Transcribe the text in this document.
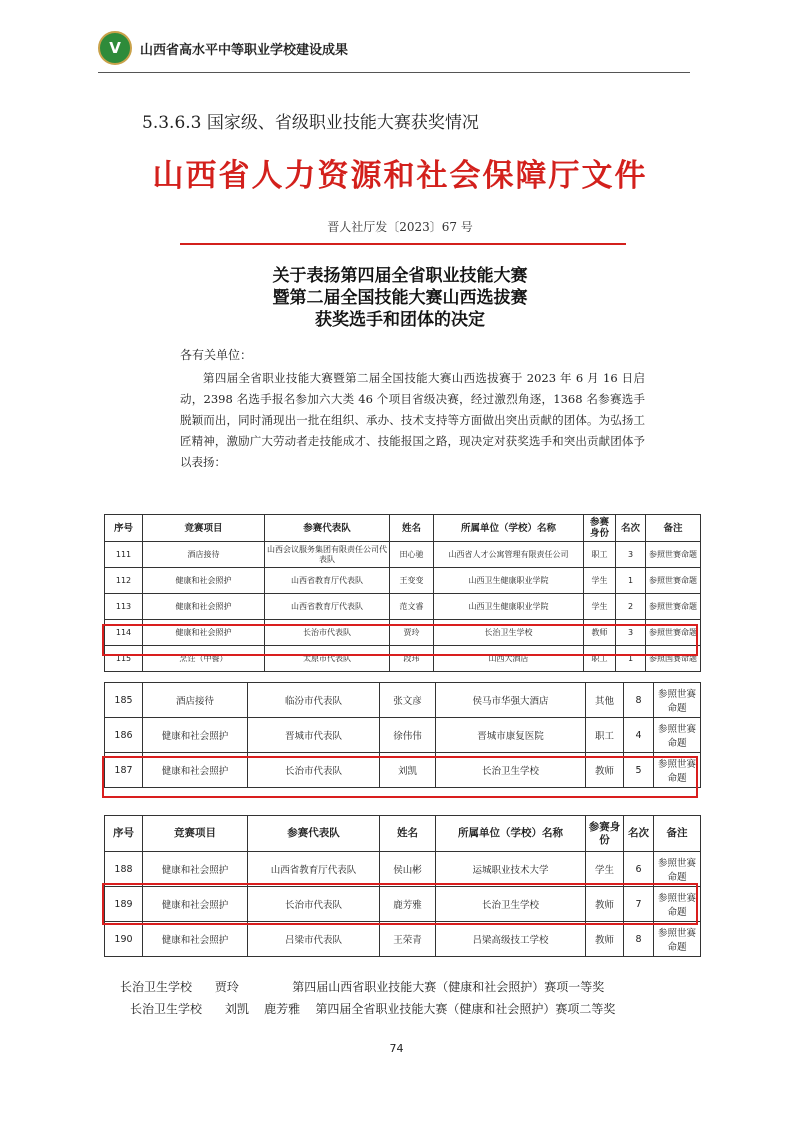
V 山西省高水平中等职业学校建设成果
5.3.6.3 国家级、省级职业技能大赛获奖情况
山西省人力资源和社会保障厅文件
晋人社厅发〔2023〕67 号
关于表扬第四届全省职业技能大赛
暨第二届全国技能大赛山西选拔赛
获奖选手和团体的决定
各有关单位：
第四届全省职业技能大赛暨第二届全国技能大赛山西选拔赛于 2023 年 6 月 16 日启动，2398 名选手报名参加六大类 46 个项目省级决赛，经过激烈角逐，1368 名参赛选手脱颖而出，同时涌现出一批在组织、承办、技术支持等方面做出突出贡献的团体。为弘扬工匠精神，激励广大劳动者走技能成才、技能报国之路，现决定对获奖选手和突出贡献团体予以表扬：
序号	竞赛项目	参赛代表队	姓名	所属单位（学校）名称	参赛身份	名次	备注
111	酒店接待	山西会议服务集团有限责任公司代表队	田心驰	山西省人才公寓管理有限责任公司	职工	3	参照世赛命题
112	健康和社会照护	山西省教育厅代表队	王变变	山西卫生健康职业学院	学生	1	参照世赛命题
113	健康和社会照护	山西省教育厅代表队	范文睿	山西卫生健康职业学院	学生	2	参照世赛命题
114	健康和社会照护	长治市代表队	贾玲	长治卫生学校	教师	3	参照世赛命题
115	烹饪（中餐）	太原市代表队	段玮	山西大酒店	职工	1	参照国赛命题
185	酒店接待	临汾市代表队	张文彦	侯马市华强大酒店	其他	8	参照世赛命题
186	健康和社会照护	晋城市代表队	徐伟伟	晋城市康复医院	职工	4	参照世赛命题
187	健康和社会照护	长治市代表队	刘凯	长治卫生学校	教师	5	参照世赛命题
序号	竞赛项目	参赛代表队	姓名	所属单位（学校）名称	参赛身份	名次	备注
188	健康和社会照护	山西省教育厅代表队	侯山彬	运城职业技术大学	学生	6	参照世赛命题
189	健康和社会照护	长治市代表队	鹿芳雅	长治卫生学校	教师	7	参照世赛命题
190	健康和社会照护	吕梁市代表队	王荣青	吕梁高级技工学校	教师	8	参照世赛命题
长治卫生学校      贾玲              第四届山西省职业技能大赛（健康和社会照护）赛项一等奖
长治卫生学校      刘凯    鹿芳雅    第四届全省职业技能大赛（健康和社会照护）赛项二等奖
74
